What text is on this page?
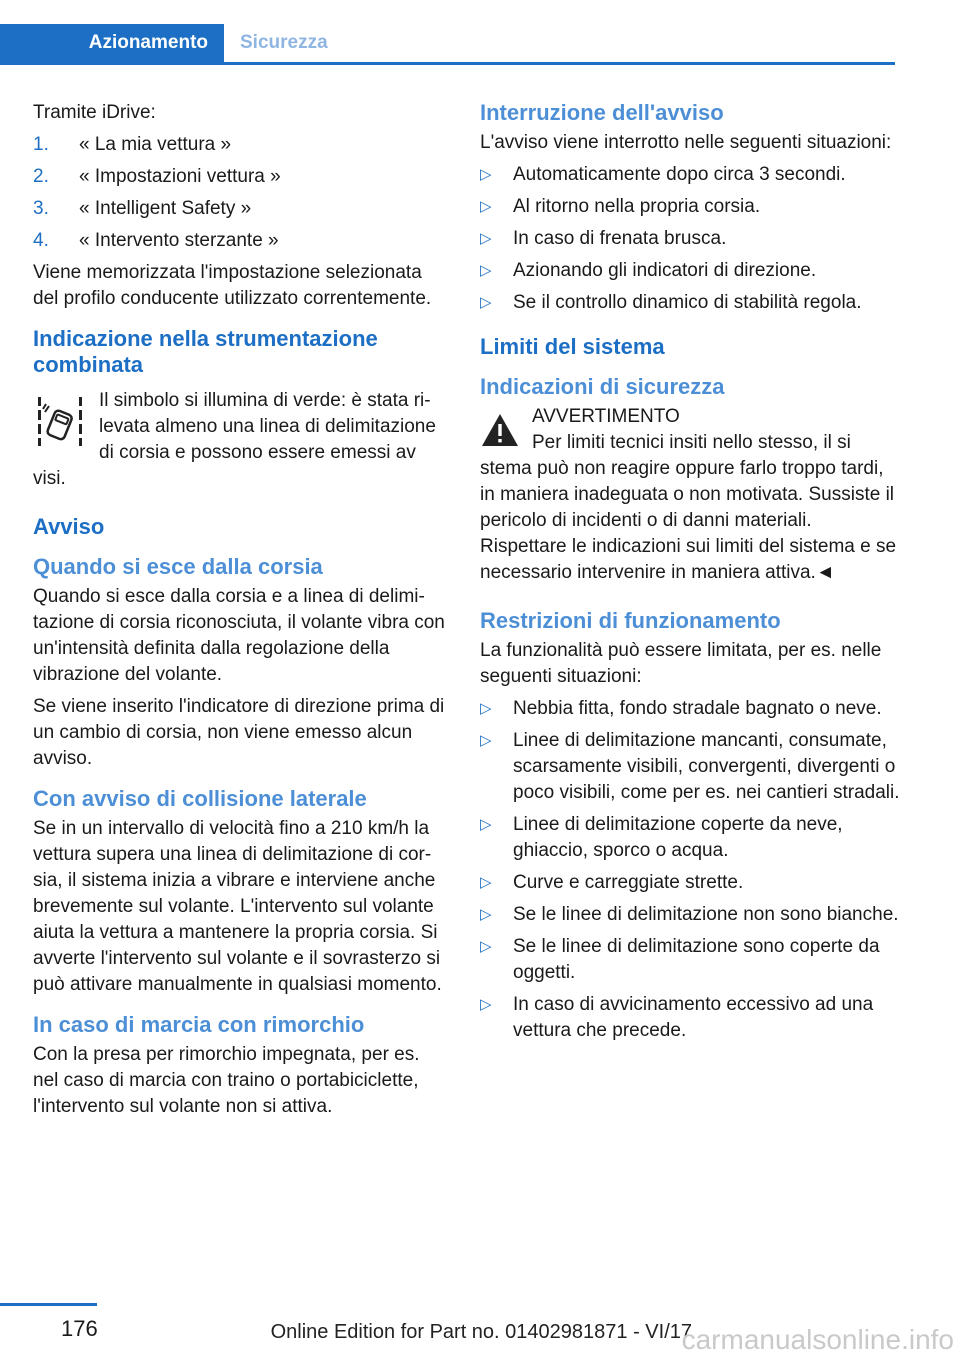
Azionamento	Sicurezza

Tramite iDrive:

1. « La mia vettura »
2. « Impostazioni vettura »
3. « Intelligent Safety »
4. « Intervento sterzante »

Viene memorizzata l'impostazione selezionata del profilo conducente utilizzato correntemente.

Indicazione nella strumentazione combinata
Il simbolo si illumina di verde: è stata rilevata almeno una linea di delimitazione di corsia e possono essere emessi av
visi.
Avviso
Quando si esce dalla corsia

Quando si esce dalla corsia e a linea di delimitazione di corsia riconosciuta, il volante vibra con un'intensità definita dalla regolazione della vibrazione del volante.

Se viene inserito l'indicatore di direzione prima di un cambio di corsia, non viene emesso alcun avviso.

Con avviso di collisione laterale

Se in un intervallo di velocità fino a 210 km/h la vettura supera una linea di delimitazione di corsia, il sistema inizia a vibrare e interviene anche brevemente sul volante. L'intervento sul volante aiuta la vettura a mantenere la propria corsia. Si avverte l'intervento sul volante e il sovrasterzo si può attivare manualmente in qualsiasi momento.

In caso di marcia con rimorchio

Con la presa per rimorchio impegnata, per es. nel caso di marcia con traino o portabiciclette, l'intervento sul volante non si attiva.

Interruzione dell'avviso

L'avviso viene interrotto nelle seguenti situazioni:

▷ Automaticamente dopo circa 3 secondi.
▷ Al ritorno nella propria corsia.
▷ In caso di frenata brusca.
▷ Azionando gli indicatori di direzione.
▷ Se il controllo dinamico di stabilità regola.
Limiti del sistema
Indicazioni di sicurezza
AVVERTIMENTO
Per limiti tecnici insiti nello stesso, il si
stema può non reagire oppure farlo troppo tardi, in maniera inadeguata o non motivata. Sussiste il pericolo di incidenti o di danni materiali. Rispettare le indicazioni sui limiti del sistema e se necessario intervenire in maniera attiva.◄
Restrizioni di funzionamento

La funzionalità può essere limitata, per es. nelle seguenti situazioni:

▷ Nebbia fitta, fondo stradale bagnato o neve.
▷ Linee di delimitazione mancanti, consumate, scarsamente visibili, convergenti, divergenti o poco visibili, come per es. nei cantieri stradali.
▷ Linee di delimitazione coperte da neve, ghiaccio, sporco o acqua.
▷ Curve e carreggiate strette.
▷ Se le linee di delimitazione non sono bianche.
▷ Se le linee di delimitazione sono coperte da oggetti.
▷ In caso di avvicinamento eccessivo ad una vettura che precede.
176	Online Edition for Part no. 01402981871 - VI/17
carmanualsonline.info
